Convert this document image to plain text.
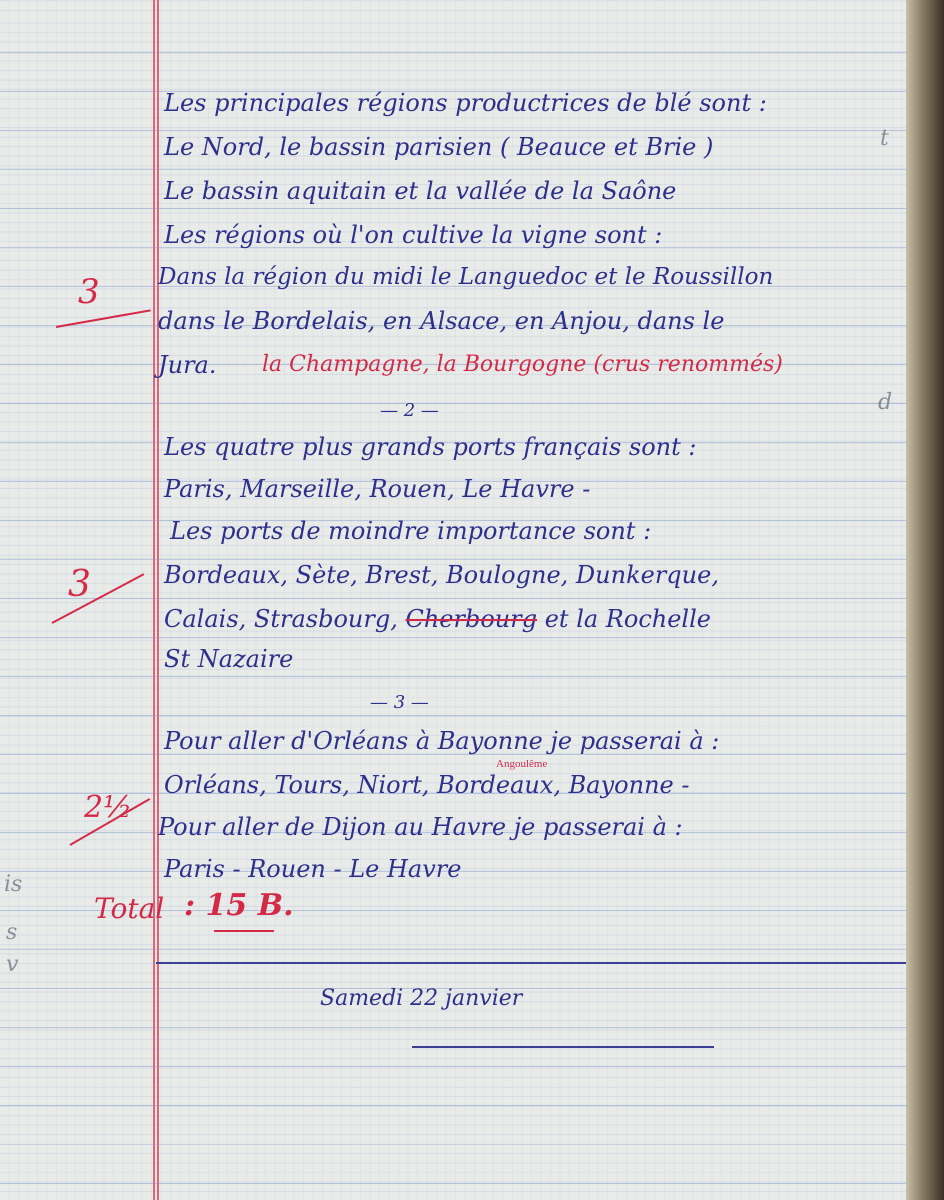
Les principales régions productrices de blé sont :
Le Nord, le bassin parisien ( Beauce et Brie )
Le bassin aquitain et la vallée de la Saône
Les régions où l'on cultive la vigne sont :
Dans la région du midi le Languedoc et le Roussillon
dans le Bordelais, en Alsace, en Anjou, dans le
Jura. la Champagne, la Bourgogne (crus renommés)
— 2 —
Les quatre plus grands ports français sont :
Paris, Marseille, Rouen, Le Havre -
Les ports de moindre importance sont :
Bordeaux, Sète, Brest, Boulogne, Dunkerque,
Calais, Strasbourg, Cherbourg et la Rochelle
St Nazaire
— 3 —
Pour aller d'Orléans à Bayonne je passerai à :
Orléans, Tours, Niort, Bordeaux, Bayonne -
Angoulême
Pour aller de Dijon au Havre je passerai à :
Paris - Rouen - Le Havre
3
3
2½
Total : 15 B.
Samedi 22 janvier
is
s
v
t
d
